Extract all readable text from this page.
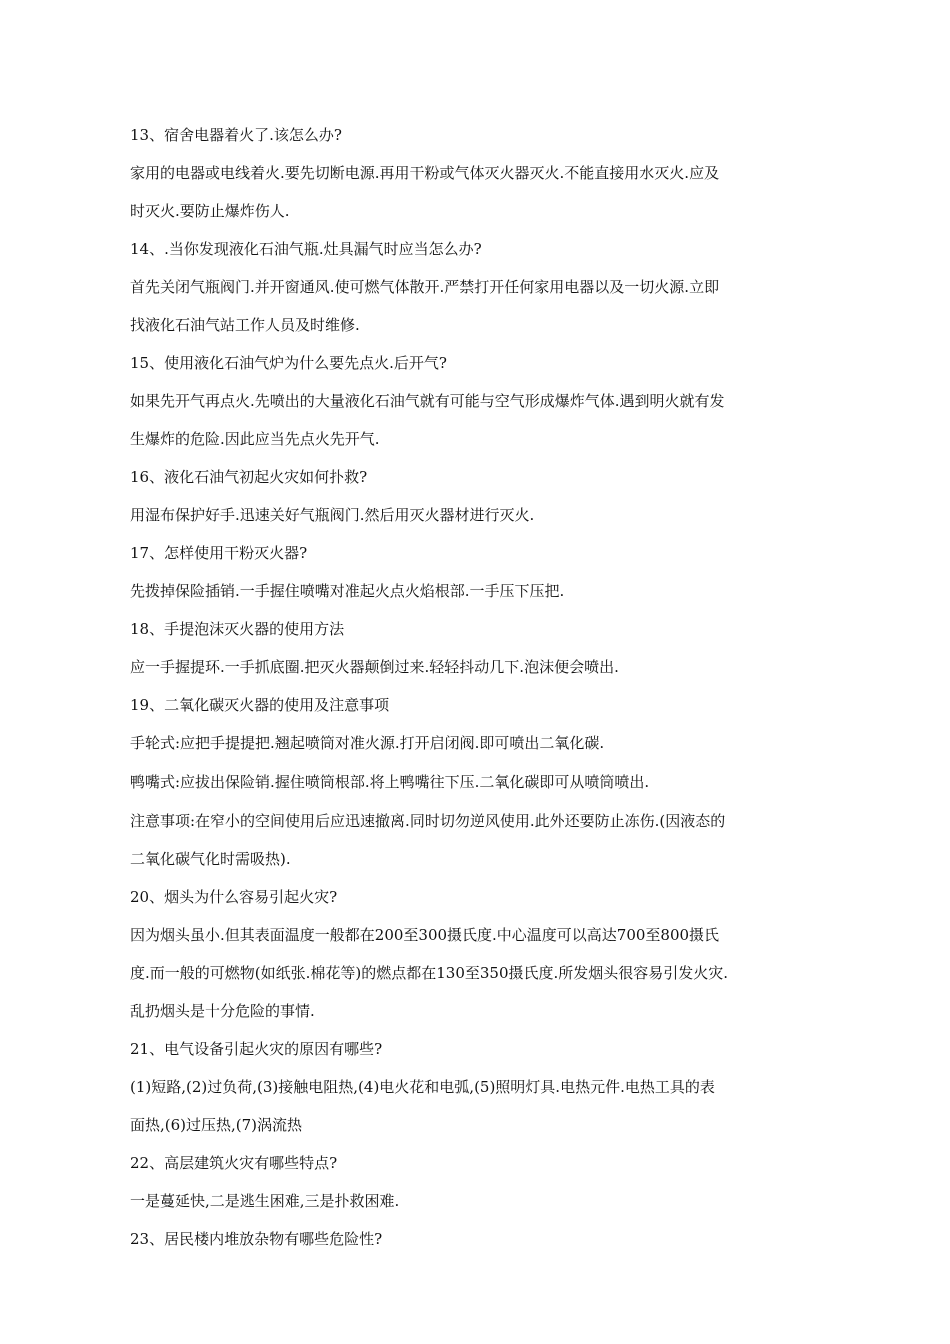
13、宿舍电器着火了.该怎么办?

家用的电器或电线着火.要先切断电源.再用干粉或气体灭火器灭火.不能直接用水灭火.应及

时灭火.要防止爆炸伤人.

14、.当你发现液化石油气瓶.灶具漏气时应当怎么办?

首先关闭气瓶阀门.并开窗通风.使可燃气体散开.严禁打开任何家用电器以及一切火源.立即

找液化石油气站工作人员及时维修.

15、使用液化石油气炉为什么要先点火.后开气?

如果先开气再点火.先喷出的大量液化石油气就有可能与空气形成爆炸气体.遇到明火就有发

生爆炸的危险.因此应当先点火先开气.

16、液化石油气初起火灾如何扑救?

用湿布保护好手.迅速关好气瓶阀门.然后用灭火器材进行灭火.

17、怎样使用干粉灭火器?

先拨掉保险插销.一手握住喷嘴对准起火点火焰根部.一手压下压把.

18、手提泡沫灭火器的使用方法

应一手握提环.一手抓底圈.把灭火器颠倒过来.轻轻抖动几下.泡沫便会喷出.

19、二氧化碳灭火器的使用及注意事项

手轮式:应把手提提把.翘起喷筒对准火源.打开启闭阀.即可喷出二氧化碳.

鸭嘴式:应拔出保险销.握住喷筒根部.将上鸭嘴往下压.二氧化碳即可从喷筒喷出.

注意事项:在窄小的空间使用后应迅速撤离.同时切勿逆风使用.此外还要防止冻伤.(因液态的

二氧化碳气化时需吸热).

20、烟头为什么容易引起火灾?

因为烟头虽小.但其表面温度一般都在200至300摄氏度.中心温度可以高达700至800摄氏

度.而一般的可燃物(如纸张.棉花等)的燃点都在130至350摄氏度.所发烟头很容易引发火灾.

乱扔烟头是十分危险的事情.

21、电气设备引起火灾的原因有哪些?

(1)短路,(2)过负荷,(3)接触电阻热,(4)电火花和电弧,(5)照明灯具.电热元件.电热工具的表

面热,(6)过压热,(7)涡流热

22、高层建筑火灾有哪些特点?

一是蔓延快,二是逃生困难,三是扑救困难.

23、居民楼内堆放杂物有哪些危险性?
